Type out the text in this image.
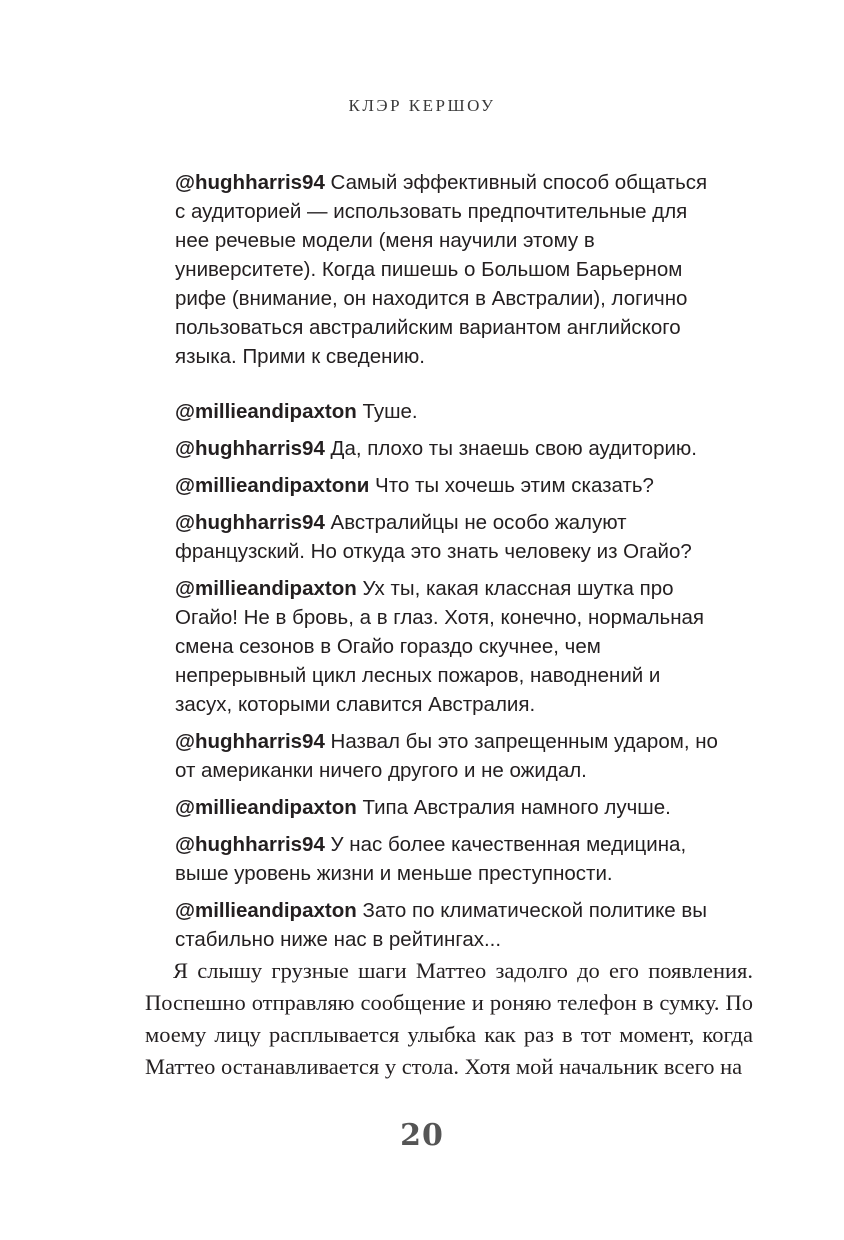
КЛЭР КЕРШОУ

@hughharris94 Самый эффективный способ общаться с аудиторией — использовать предпочтительные для нее речевые модели (меня научили этому в университете). Когда пишешь о Большом Барьерном рифе (внимание, он находится в Австралии), логично пользоваться австралийским вариантом английского языка. Прими к сведению.

@millieandipaxton Туше.

@hughharris94 Да, плохо ты знаешь свою аудиторию.

@millieandipaxtonи Что ты хочешь этим сказать?

@hughharris94 Австралийцы не особо жалуют французский. Но откуда это знать человеку из Огайо?

@millieandipaxton Ух ты, какая классная шутка про Огайо! Не в бровь, а в глаз. Хотя, конечно, нормальная смена сезонов в Огайо гораздо скучнее, чем непрерывный цикл лесных пожаров, наводнений и засух, которыми славится Австралия.

@hughharris94 Назвал бы это запрещенным ударом, но от американки ничего другого и не ожидал.

@millieandipaxton Типа Австралия намного лучше.

@hughharris94 У нас более качественная медицина, выше уровень жизни и меньше преступности.

@millieandipaxton Зато по климатической политике вы стабильно ниже нас в рейтингах...

Я слышу грузные шаги Маттео задолго до его появления. Поспешно отправляю сообщение и роняю телефон в сумку. По моему лицу расплывается улыбка как раз в тот момент, когда Маттео останавливается у стола. Хотя мой начальник всего на

20
